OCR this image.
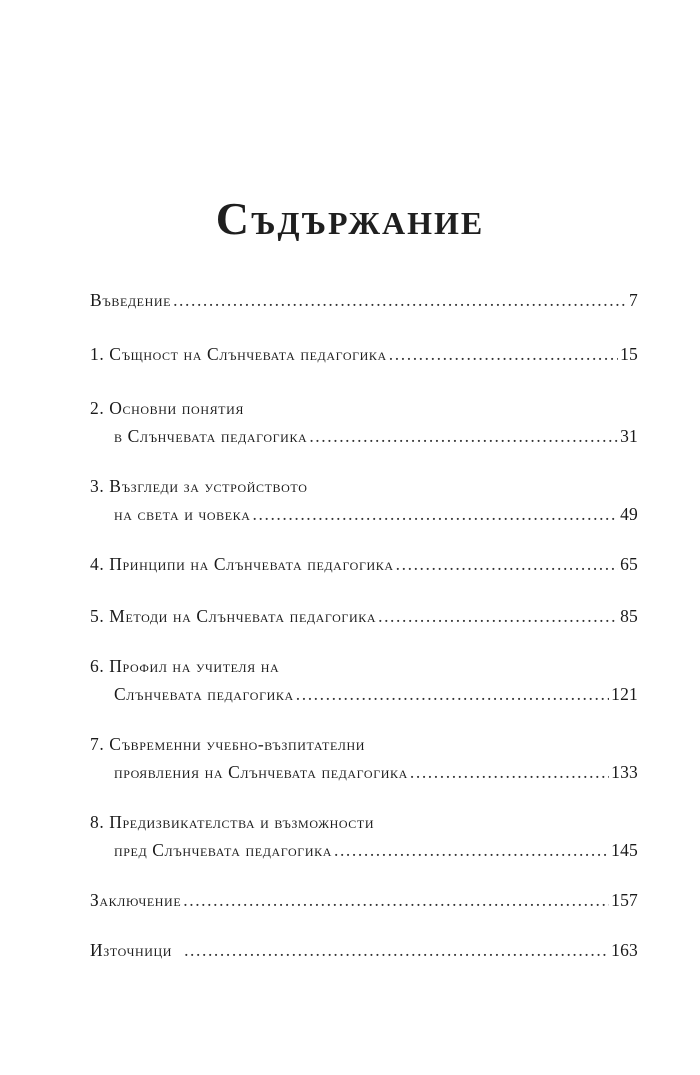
Съдържание
Въведение .....	7
1. Същност на Слънчевата педагогика .....	15
2. Основни понятия
в Слънчевата педагогика .....	31
3. Възгледи за устройството
на света и човека .....	49
4. Принципи на Слънчевата педагогика .....	65
5. Методи на Слънчевата педагогика .....	85
6. Профил на учителя на
Слънчевата педагогика .....	121
7. Съвременни учебно-възпитателни
проявления на Слънчевата педагогика .....	133
8. Предизвикателства и възможности
пред Слънчевата педагогика .....	145
Заключение .....	157
Източници .....	163
